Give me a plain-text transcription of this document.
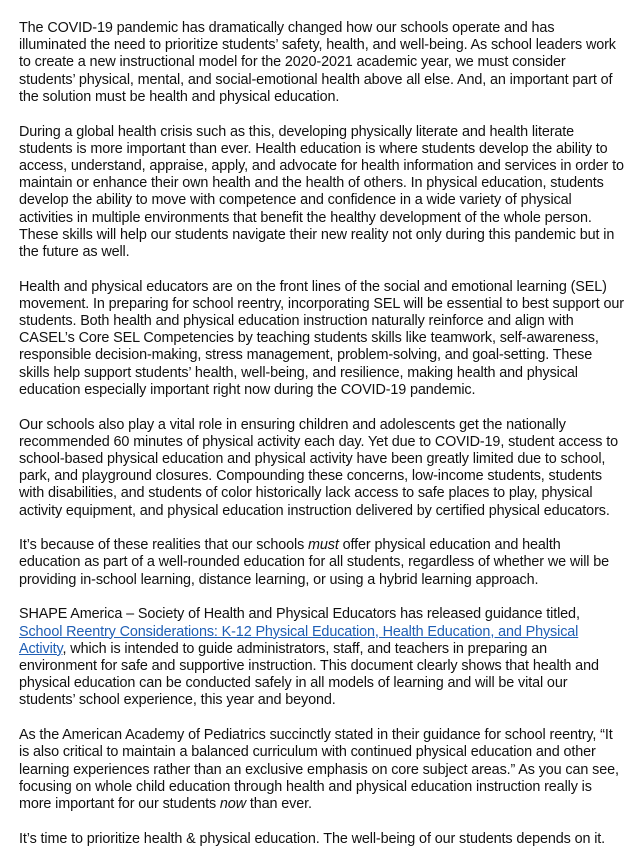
The COVID-19 pandemic has dramatically changed how our schools operate and has illuminated the need to prioritize students’ safety, health, and well-being. As school leaders work to create a new instructional model for the 2020-2021 academic year, we must consider students’ physical, mental, and social-emotional health above all else. And, an important part of the solution must be health and physical education.

During a global health crisis such as this, developing physically literate and health literate students is more important than ever. Health education is where students develop the ability to access, understand, appraise, apply, and advocate for health information and services in order to maintain or enhance their own health and the health of others. In physical education, students develop the ability to move with competence and confidence in a wide variety of physical activities in multiple environments that benefit the healthy development of the whole person. These skills will help our students navigate their new reality not only during this pandemic but in the future as well.

Health and physical educators are on the front lines of the social and emotional learning (SEL) movement. In preparing for school reentry, incorporating SEL will be essential to best support our students. Both health and physical education instruction naturally reinforce and align with CASEL’s Core SEL Competencies by teaching students skills like teamwork, self-awareness, responsible decision-making, stress management, problem-solving, and goal-setting. These skills help support students’ health, well-being, and resilience, making health and physical education especially important right now during the COVID-19 pandemic.

Our schools also play a vital role in ensuring children and adolescents get the nationally recommended 60 minutes of physical activity each day. Yet due to COVID-19, student access to school-based physical education and physical activity have been greatly limited due to school, park, and playground closures. Compounding these concerns, low-income students, students with disabilities, and students of color historically lack access to safe places to play, physical activity equipment, and physical education instruction delivered by certified physical educators.

It’s because of these realities that our schools must offer physical education and health education as part of a well-rounded education for all students, regardless of whether we will be providing in-school learning, distance learning, or using a hybrid learning approach.

SHAPE America – Society of Health and Physical Educators has released guidance titled, School Reentry Considerations: K-12 Physical Education, Health Education, and Physical Activity, which is intended to guide administrators, staff, and teachers in preparing an environment for safe and supportive instruction. This document clearly shows that health and physical education can be conducted safely in all models of learning and will be vital our students’ school experience, this year and beyond.

As the American Academy of Pediatrics succinctly stated in their guidance for school reentry, “It is also critical to maintain a balanced curriculum with continued physical education and other learning experiences rather than an exclusive emphasis on core subject areas.” As you can see, focusing on whole child education through health and physical education instruction really is more important for our students now than ever.

It’s time to prioritize health & physical education. The well-being of our students depends on it.
